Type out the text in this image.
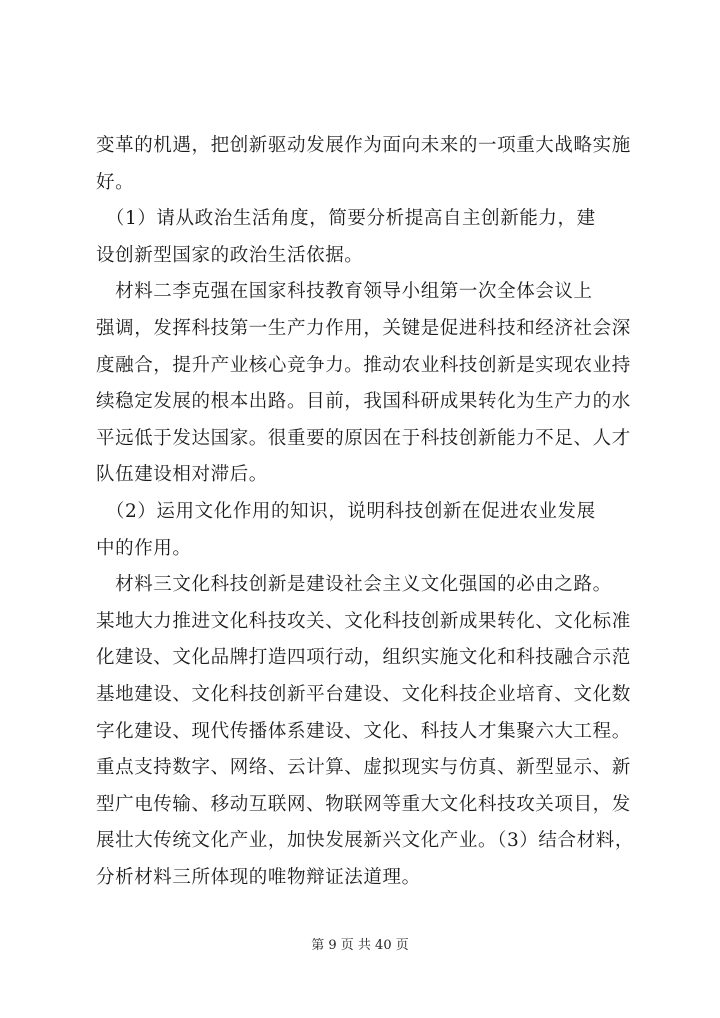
变革的机遇，把创新驱动发展作为面向未来的一项重大战略实施
好。
　（1）请从政治生活角度，简要分析提高自主创新能力，建
设创新型国家的政治生活依据。
　材料二李克强在国家科技教育领导小组第一次全体会议上
强调，发挥科技第一生产力作用，关键是促进科技和经济社会深
度融合，提升产业核心竞争力。推动农业科技创新是实现农业持
续稳定发展的根本出路。目前，我国科研成果转化为生产力的水
平远低于发达国家。很重要的原因在于科技创新能力不足、人才
队伍建设相对滞后。
　（2）运用文化作用的知识，说明科技创新在促进农业发展
中的作用。
　材料三文化科技创新是建设社会主义文化强国的必由之路。
某地大力推进文化科技攻关、文化科技创新成果转化、文化标准
化建设、文化品牌打造四项行动，组织实施文化和科技融合示范
基地建设、文化科技创新平台建设、文化科技企业培育、文化数
字化建设、现代传播体系建设、文化、科技人才集聚六大工程。
重点支持数字、网络、云计算、虚拟现实与仿真、新型显示、新
型广电传输、移动互联网、物联网等重大文化科技攻关项目，发
展壮大传统文化产业，加快发展新兴文化产业。（3）结合材料，
分析材料三所体现的唯物辩证法道理。
第 9 页 共 40 页
